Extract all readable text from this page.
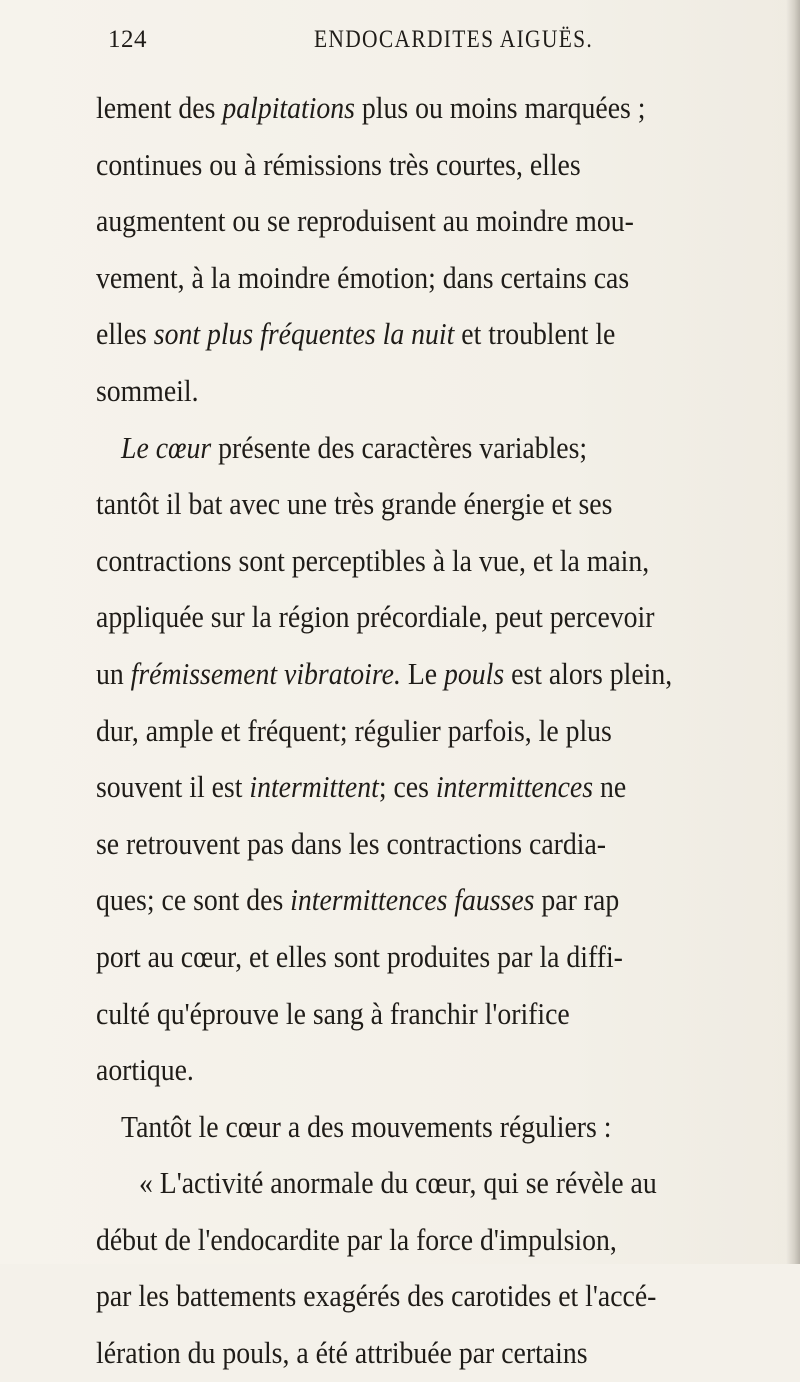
124	ENDOCARDITES AIGUËS.
lement des palpitations plus ou moins marquées ;
continues ou à rémissions très courtes, elles
augmentent ou se reproduisent au moindre mou-
vement, à la moindre émotion; dans certains cas
elles sont plus fréquentes la nuit et troublent le
sommeil.
Le cœur présente des caractères variables;
tantôt il bat avec une très grande énergie et ses
contractions sont perceptibles à la vue, et la main,
appliquée sur la région précordiale, peut percevoir
un frémissement vibratoire. Le pouls est alors plein,
dur, ample et fréquent; régulier parfois, le plus
souvent il est intermittent; ces intermittences ne
se retrouvent pas dans les contractions cardia-
ques; ce sont des intermittences fausses par rap
port au cœur, et elles sont produites par la diffi-
culté qu'éprouve le sang à franchir l'orifice
aortique.
Tantôt le cœur a des mouvements réguliers :
« L'activité anormale du cœur, qui se révèle au
début de l'endocardite par la force d'impulsion,
par les battements exagérés des carotides et l'accé-
lération du pouls, a été attribuée par certains
